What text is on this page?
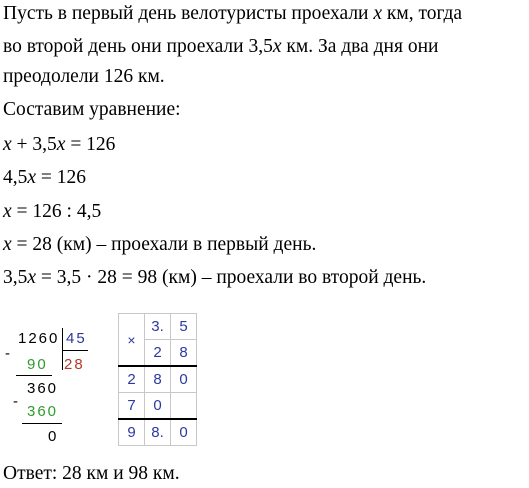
Пусть в первый день велотуристы проехали x км, тогда
во второй день они проехали 3,5x км. За два дня они
преодолели 126 км.
Составим уравнение:
x + 3,5x = 126
4,5x = 126
x = 126 : 4,5
x = 28 (км) – проехали в первый день.
3,5x = 3,5 · 28 = 98 (км) – проехали во второй день.
1260 45
28
-
90
360
-
360
0
×	3.	5
	2	8
2	8	0
7	0	
9	8.	0
Ответ: 28 км и 98 км.
